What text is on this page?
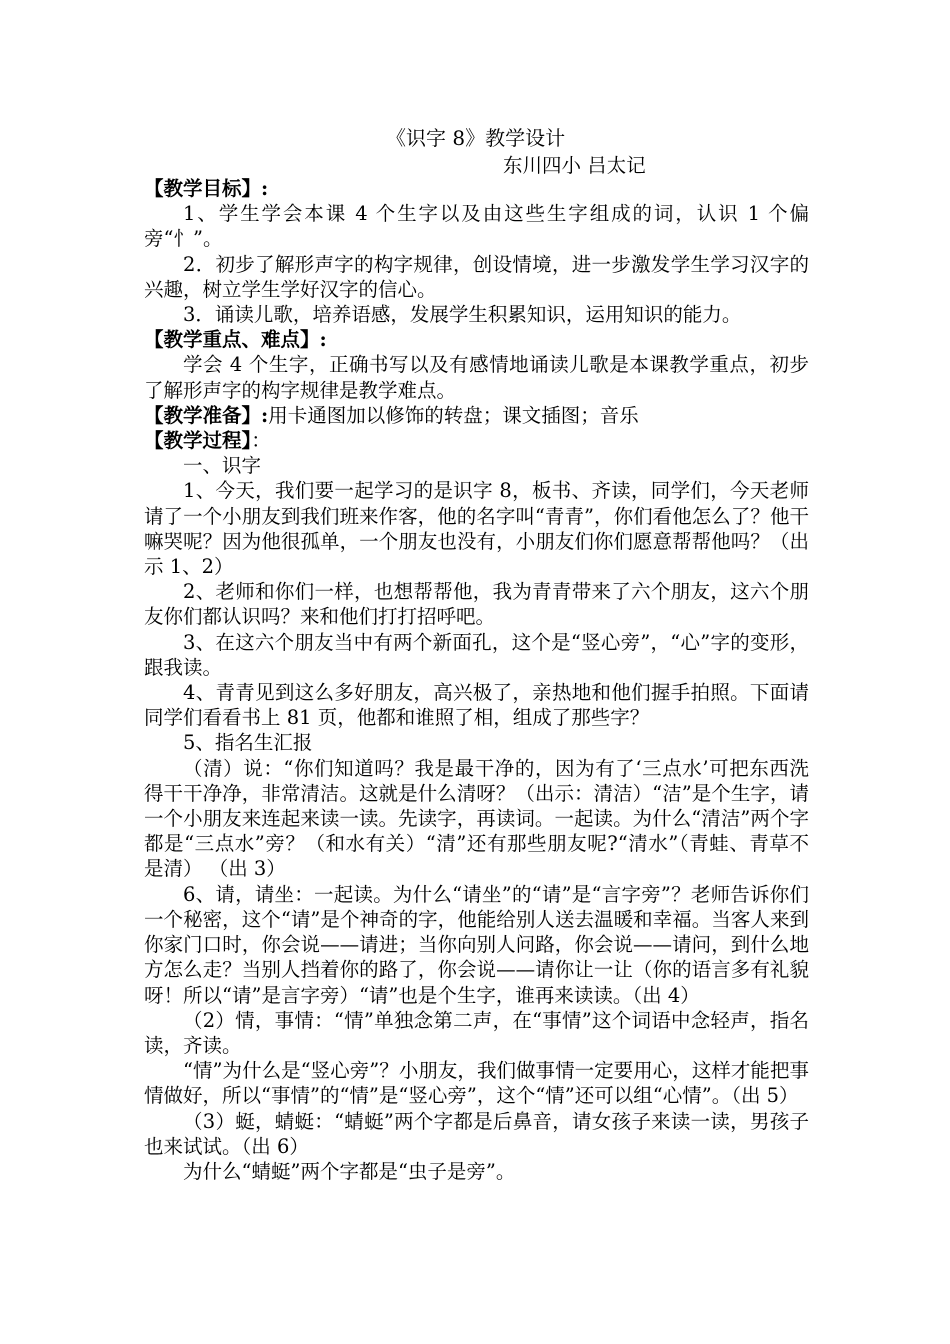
《识字 8》教学设计
东川四小 吕太记

【教学目标】:

1、学生学会本课 4 个生字以及由这些生字组成的词，认识 1 个偏旁“忄”。

2．初步了解形声字的构字规律，创设情境，进一步激发学生学习汉字的兴趣，树立学生学好汉字的信心。

3．诵读儿歌，培养语感，发展学生积累知识，运用知识的能力。

【教学重点、难点】:

学会 4 个生字，正确书写以及有感情地诵读儿歌是本课教学重点，初步了解形声字的构字规律是教学难点。

【教学准备】:用卡通图加以修饰的转盘；课文插图；音乐

【教学过程】：

一、识字

1、今天，我们要一起学习的是识字 8，板书、齐读，同学们，今天老师请了一个小朋友到我们班来作客，他的名字叫“青青”，你们看他怎么了？他干嘛哭呢？因为他很孤单，一个朋友也没有，小朋友们你们愿意帮帮他吗？（出示 1、2）

2、老师和你们一样，也想帮帮他，我为青青带来了六个朋友，这六个朋友你们都认识吗？来和他们打打招呼吧。

3、在这六个朋友当中有两个新面孔，这个是“竖心旁”，“心”字的变形，跟我读。

4、青青见到这么多好朋友，高兴极了，亲热地和他们握手拍照。下面请同学们看看书上 81 页，他都和谁照了相，组成了那些字？

5、指名生汇报

（清）说：“你们知道吗？我是最干净的，因为有了‘三点水’可把东西洗得干干净净，非常清洁。这就是什么清呀？（出示：清洁）“洁”是个生字，请一个小朋友来连起来读一读。先读字，再读词。一起读。为什么“清洁”两个字都是“三点水”旁？（和水有关）“清”还有那些朋友呢?“清水”（青蛙、青草不是清） （出 3）

6、请，请坐：一起读。为什么“请坐”的“请”是“言字旁”？老师告诉你们一个秘密，这个“请”是个神奇的字，他能给别人送去温暖和幸福。当客人来到你家门口时，你会说——请进；当你向别人问路，你会说——请问，到什么地方怎么走？当别人挡着你的路了，你会说——请你让一让（你的语言多有礼貌呀！所以“请”是言字旁）“请”也是个生字，谁再来读读。（出 4）

（2）情，事情：“情”单独念第二声，在“事情”这个词语中念轻声，指名读，齐读。

“情”为什么是“竖心旁”？小朋友，我们做事情一定要用心，这样才能把事情做好，所以“事情”的“情”是“竖心旁”，这个“情”还可以组“心情”。（出 5）

（3）蜓，蜻蜓：“蜻蜓”两个字都是后鼻音，请女孩子来读一读，男孩子也来试试。（出 6）

为什么“蜻蜓”两个字都是“虫子是旁”。
